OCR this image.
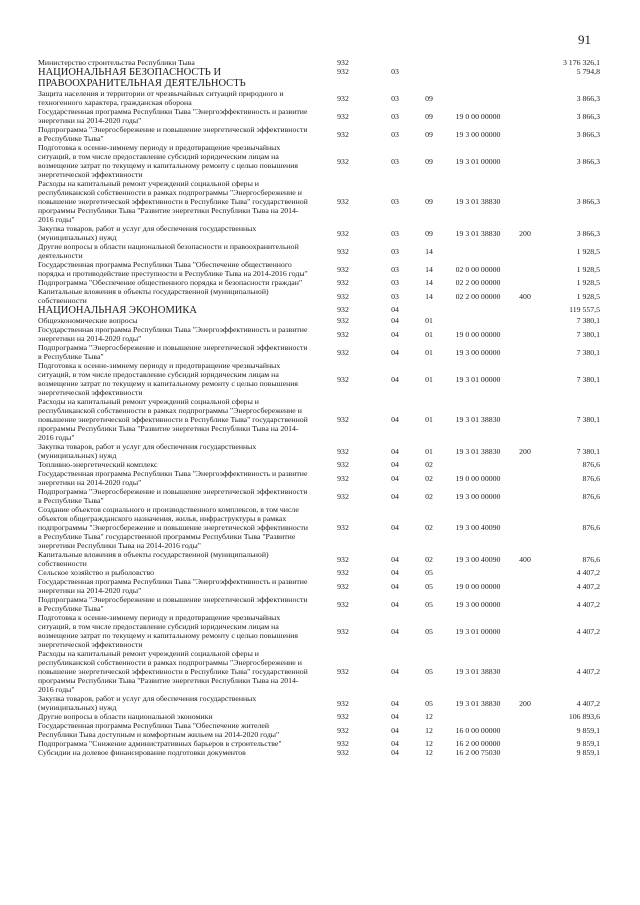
91
Министерство строительства Республики Тыва	932					3 176 326,1
НАЦИОНАЛЬНАЯ БЕЗОПАСНОСТЬ И ПРАВООХРАНИТЕЛЬНАЯ ДЕЯТЕЛЬНОСТЬ	932	03				5 794,8
Защита населения и территории от чрезвычайных ситуаций природного и техногенного характера, гражданская оборона	932	03	09			3 866,3
Государственная программа Республики Тыва "Энергоэффективность и развитие энергетики на 2014-2020 годы"	932	03	09	19 0 00 00000		3 866,3
Подпрограмма "Энергосбережение и повышение энергетической эффективности в Республике Тыва"	932	03	09	19 3 00 00000		3 866,3
Подготовка к осенне-зимнему периоду и предотвращение чрезвычайных ситуаций, в том числе предоставление субсидий юридическим лицам на возмещение затрат по текущему и капитальному ремонту с целью повышения энергетической эффективности	932	03	09	19 3 01 00000		3 866,3
Расходы на капитальный ремонт учреждений социальной сферы и республиканской собственности в рамках подпрограммы "Энергосбережение и повышение энергетической эффективности в Республике Тыва" государственной программы Республики Тыва "Развитие энергетики Республики Тыва на 2014-2016 годы"	932	03	09	19 3 01 38830		3 866,3
Закупка товаров, работ и услуг для обеспечения государственных (муниципальных) нужд	932	03	09	19 3 01 38830	200	3 866,3
Другие вопросы в области национальной безопасности и правоохранительной деятельности	932	03	14			1 928,5
Государственная программа Республики Тыва "Обеспечение общественного порядка и противодействие преступности в Республике Тыва на 2014-2016 годы"	932	03	14	02 0 00 00000		1 928,5
Подпрограмма "Обеспечение общественного порядка и безопасности граждан"	932	03	14	02 2 00 00000		1 928,5
Капитальные вложения в объекты государственной (муниципальной) собственности	932	03	14	02 2 00 00000	400	1 928,5
НАЦИОНАЛЬНАЯ ЭКОНОМИКА	932	04				119 557,5
Общеэкономические вопросы	932	04	01			7 380,1
Государственная программа Республики Тыва "Энергоэффективность и развитие энергетики на 2014-2020 годы"	932	04	01	19 0 00 00000		7 380,1
Подпрограмма "Энергосбережение и повышение энергетической эффективности в Республике Тыва"	932	04	01	19 3 00 00000		7 380,1
Подготовка к осенне-зимнему периоду и предотвращение чрезвычайных ситуаций, в том числе предоставление субсидий юридическим лицам на возмещение затрат по текущему и капитальному ремонту с целью повышения энергетической эффективности	932	04	01	19 3 01 00000		7 380,1
Расходы на капитальный ремонт учреждений социальной сферы и республиканской собственности в рамках подпрограммы "Энергосбережение и повышение энергетической эффективности в Республике Тыва" государственной программы Республики Тыва "Развитие энергетики Республики Тыва на 2014-2016 годы"	932	04	01	19 3 01 38830		7 380,1
Закупка товаров, работ и услуг для обеспечения государственных (муниципальных) нужд	932	04	01	19 3 01 38830	200	7 380,1
Топливно-энергетический комплекс	932	04	02			876,6
Государственная программа Республики Тыва "Энергоэффективность и развитие энергетики на 2014-2020 годы"	932	04	02	19 0 00 00000		876,6
Подпрограмма "Энергосбережение и повышение энергетической эффективности в Республике Тыва"	932	04	02	19 3 00 00000		876,6
Создание объектов социального и производственного комплексов, в том числе объектов общегражданского назначения, жилья, инфраструктуры в рамках подпрограммы "Энергосбережение и повышение энергетической эффективности в Республике Тыва" государственной программы Республики Тыва "Развитие энергетики Республики Тыва на 2014-2016 годы"	932	04	02	19 3 00 40090		876,6
Капитальные вложения в объекты государственной (муниципальной) собственности	932	04	02	19 3 00 40090	400	876,6
Сельское хозяйство и рыболовство	932	04	05			4 407,2
Государственная программа Республики Тыва "Энергоэффективность и развитие энергетики на 2014-2020 годы"	932	04	05	19 0 00 00000		4 407,2
Подпрограмма "Энергосбережение и повышение энергетической эффективности в Республике Тыва"	932	04	05	19 3 00 00000		4 407,2
Подготовка к осенне-зимнему периоду и предотвращение чрезвычайных ситуаций, в том числе предоставление субсидий юридическим лицам на возмещение затрат по текущему и капитальному ремонту с целью повышения энергетической эффективности	932	04	05	19 3 01 00000		4 407,2
Расходы на капитальный ремонт учреждений социальной сферы и республиканской собственности в рамках подпрограммы "Энергосбережение и повышение энергетической эффективности в Республике Тыва" государственной программы Республики Тыва "Развитие энергетики Республики Тыва на 2014-2016 годы"	932	04	05	19 3 01 38830		4 407,2
Закупка товаров, работ и услуг для обеспечения государственных (муниципальных) нужд	932	04	05	19 3 01 38830	200	4 407,2
Другие вопросы в области национальной экономики	932	04	12			106 893,6
Государственная программа Республики Тыва "Обеспечение жителей Республики Тыва доступным и комфортным жильем на 2014-2020 годы"	932	04	12	16 0 00 00000		9 859,1
Подпрограмма "Снижение административных барьеров в строительстве"	932	04	12	16 2 00 00000		9 859,1
Субсидии на долевое финансирование подготовки документов	932	04	12	16 2 00 75030		9 859,1
